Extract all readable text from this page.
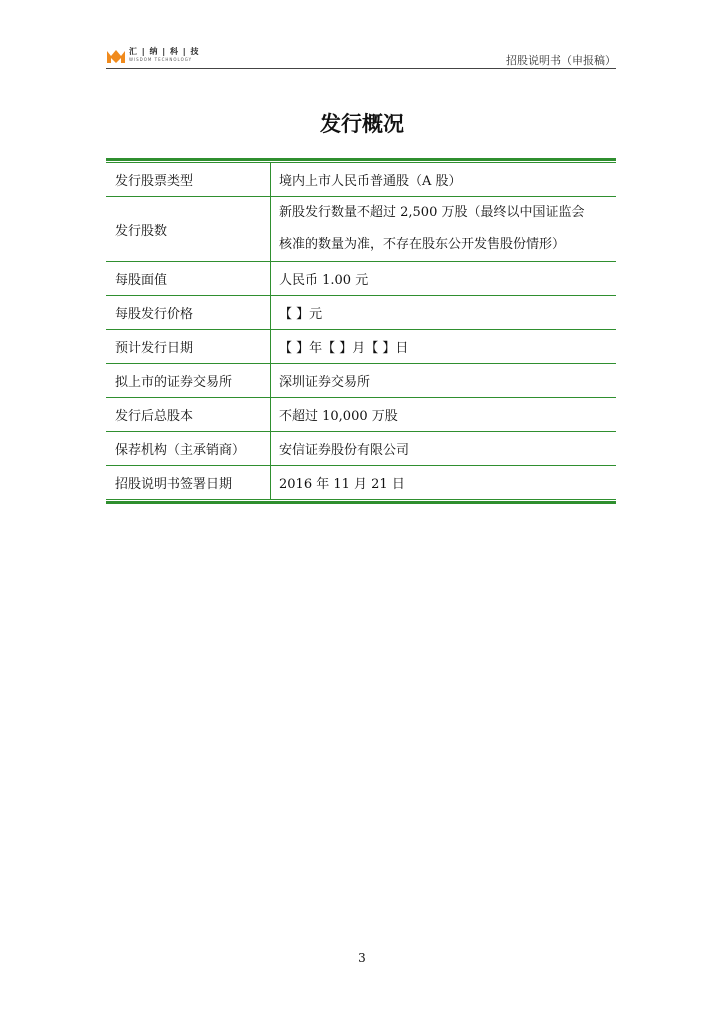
汇 | 纳 | 科 | 技
WISDOM TECHNOLOGY	招股说明书（申报稿）
发行概况
发行股票类型	境内上市人民币普通股（A 股）
发行股数	新股发行数量不超过 2,500 万股（最终以中国证监会
核准的数量为准，不存在股东公开发售股份情形）

每股面值	人民币 1.00 元
每股发行价格	【 】元
预计发行日期	【 】年【 】月【 】日
拟上市的证券交易所	深圳证券交易所
发行后总股本	不超过 10,000 万股
保荐机构（主承销商）	安信证券股份有限公司
招股说明书签署日期	2016 年 11 月 21 日
3
